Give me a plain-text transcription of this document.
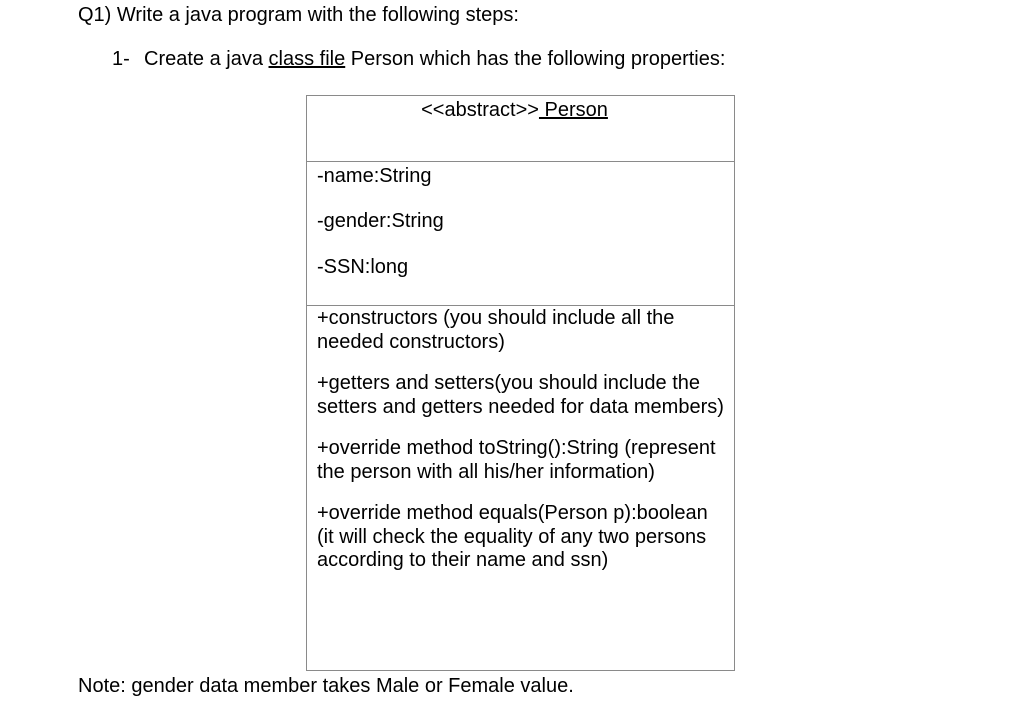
Q1) Write a java program with the following steps:
1- Create a java class file Person which has the following properties:
<<abstract>> Person
-name:String
-gender:String
-SSN:long
+constructors (you should include all the needed constructors)
+getters and setters(you should include the setters and getters needed for data members)
+override method toString():String (represent the person with all his/her information)
+override method equals(Person p):boolean (it will check the equality of any two persons according to their name and ssn)
Note: gender data member takes Male or Female value.
